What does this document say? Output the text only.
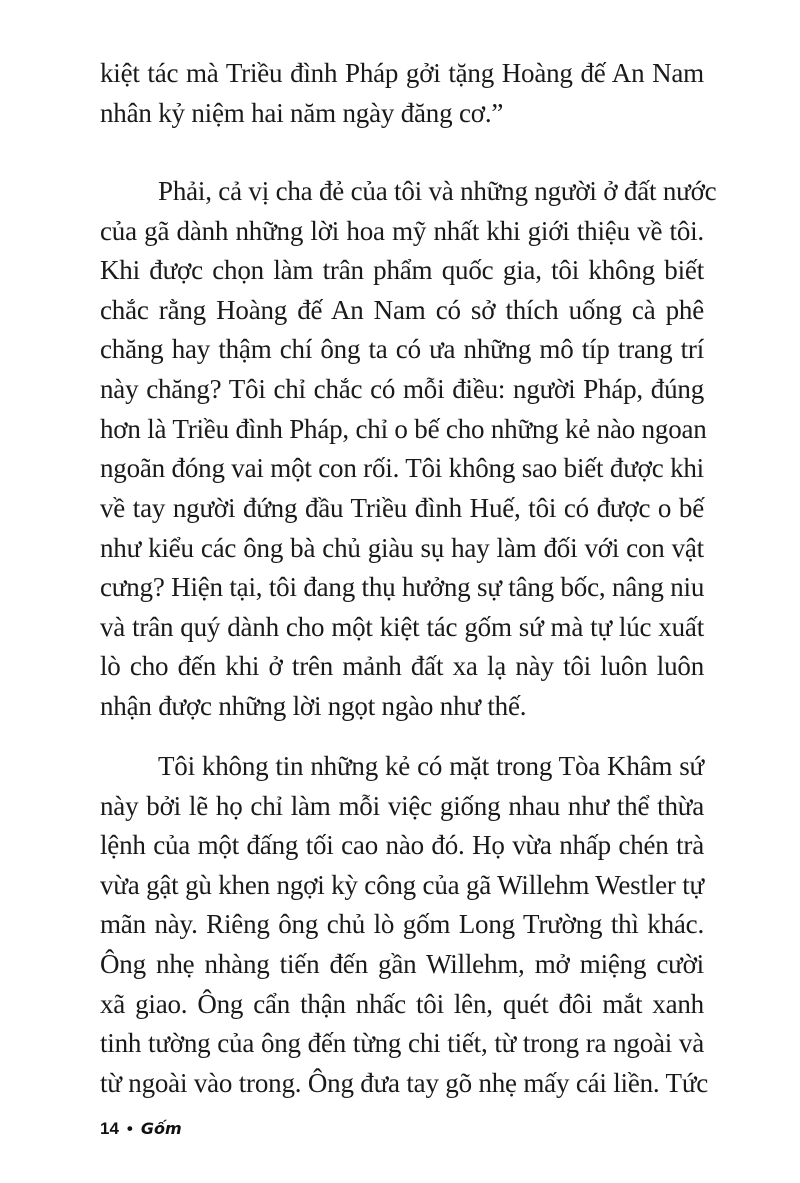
kiệt tác mà Triều đình Pháp gởi tặng Hoàng đế An Nam
nhân kỷ niệm hai năm ngày đăng cơ.”
Phải, cả vị cha đẻ của tôi và những người ở đất nước
của gã dành những lời hoa mỹ nhất khi giới thiệu về tôi.
Khi được chọn làm trân phẩm quốc gia, tôi không biết
chắc rằng Hoàng đế An Nam có sở thích uống cà phê
chăng hay thậm chí ông ta có ưa những mô típ trang trí
này chăng? Tôi chỉ chắc có mỗi điều: người Pháp, đúng
hơn là Triều đình Pháp, chỉ o bế cho những kẻ nào ngoan
ngoãn đóng vai một con rối. Tôi không sao biết được khi
về tay người đứng đầu Triều đình Huế, tôi có được o bế
như kiểu các ông bà chủ giàu sụ hay làm đối với con vật
cưng? Hiện tại, tôi đang thụ hưởng sự tâng bốc, nâng niu
và trân quý dành cho một kiệt tác gốm sứ mà tự lúc xuất
lò cho đến khi ở trên mảnh đất xa lạ này tôi luôn luôn
nhận được những lời ngọt ngào như thế.
Tôi không tin những kẻ có mặt trong Tòa Khâm sứ
này bởi lẽ họ chỉ làm mỗi việc giống nhau như thể thừa
lệnh của một đấng tối cao nào đó. Họ vừa nhấp chén trà
vừa gật gù khen ngợi kỳ công của gã Willehm Westler tự
mãn này. Riêng ông chủ lò gốm Long Trường thì khác.
Ông nhẹ nhàng tiến đến gần Willehm, mở miệng cười
xã giao. Ông cẩn thận nhấc tôi lên, quét đôi mắt xanh
tinh tường của ông đến từng chi tiết, từ trong ra ngoài và
từ ngoài vào trong. Ông đưa tay gõ nhẹ mấy cái liền. Tức
14 • Gốm
